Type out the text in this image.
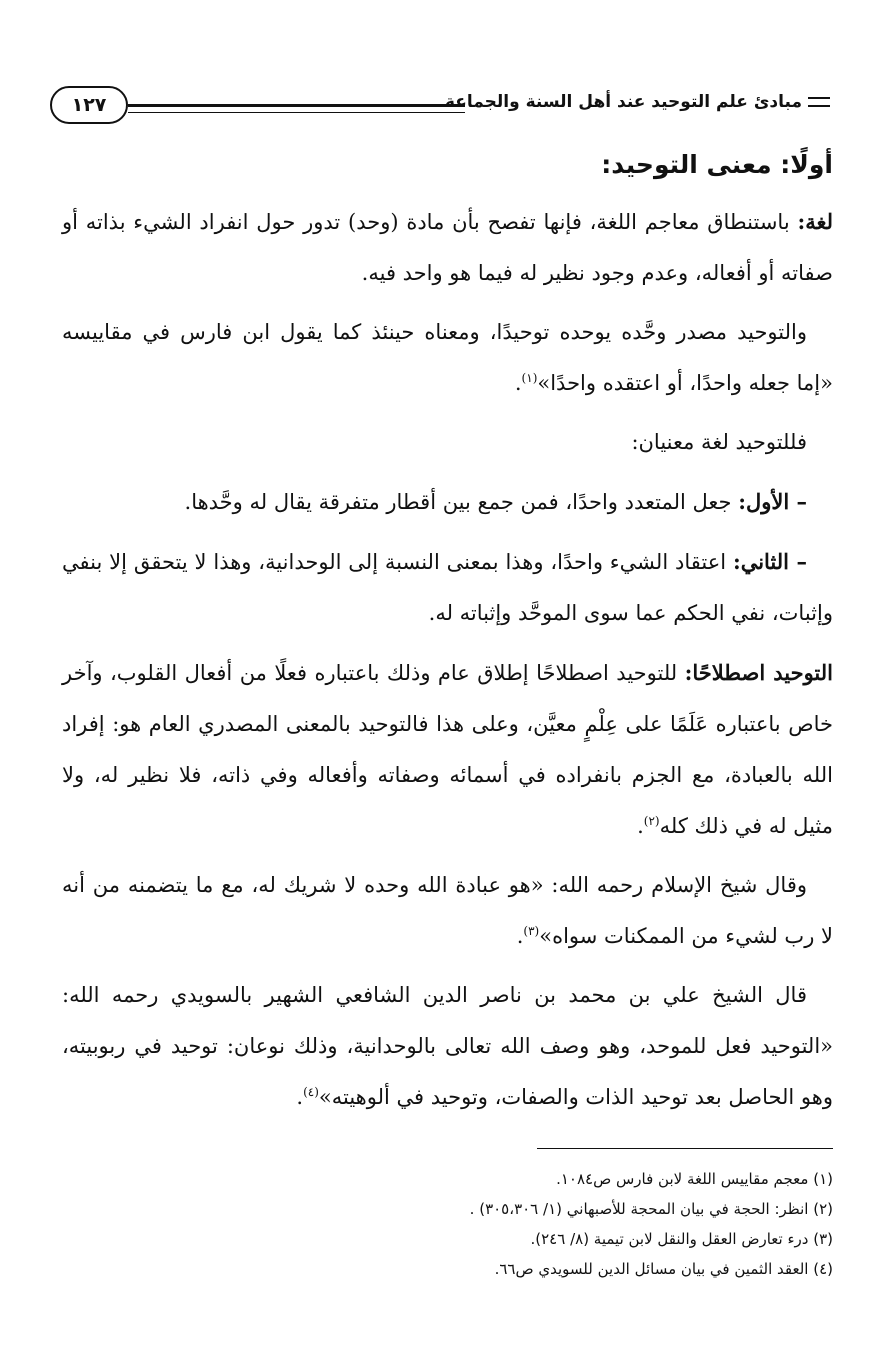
مبادئ علم التوحيد عند أهل السنة والجماعة
١٢٧
أولًا: معنى التوحيد:

لغة: باستنطاق معاجم اللغة، فإنها تفصح بأن مادة (وحد) تدور حول انفراد الشيء بذاته أو صفاته أو أفعاله، وعدم وجود نظير له فيما هو واحد فيه.

والتوحيد مصدر وحَّده يوحده توحيدًا، ومعناه حينئذ كما يقول ابن فارس في مقاييسه «إما جعله واحدًا، أو اعتقده واحدًا»$^{(١)}$.

فللتوحيد لغة معنيان:

– الأول: جعل المتعدد واحدًا، فمن جمع بين أقطار متفرقة يقال له وحَّدها.

– الثاني: اعتقاد الشيء واحدًا، وهذا بمعنى النسبة إلى الوحدانية، وهذا لا يتحقق إلا بنفي وإثبات، نفي الحكم عما سوى الموحَّد وإثباته له.

التوحيد اصطلاحًا: للتوحيد اصطلاحًا إطلاق عام وذلك باعتباره فعلًا من أفعال القلوب، وآخر خاص باعتباره عَلَمًا على عِلْمٍ معيَّن، وعلى هذا فالتوحيد بالمعنى المصدري العام هو: إفراد الله بالعبادة، مع الجزم بانفراده في أسمائه وصفاته وأفعاله وفي ذاته، فلا نظير له، ولا مثيل له في ذلك كله$^{(٢)}$.

وقال شيخ الإسلام رحمه الله: «هو عبادة الله وحده لا شريك له، مع ما يتضمنه من أنه لا رب لشيء من الممكنات سواه»$^{(٣)}$.

قال الشيخ علي بن محمد بن ناصر الدين الشافعي الشهير بالسويدي رحمه الله: «التوحيد فعل للموحد، وهو وصف الله تعالى بالوحدانية، وذلك نوعان: توحيد في ربوبيته، وهو الحاصل بعد توحيد الذات والصفات، وتوحيد في ألوهيته»$^{(٤)}$.

(١) معجم مقاييس اللغة لابن فارس ص١٠٨٤.

(٢) انظر: الحجة في بيان المحجة للأصبهاني (١/ ٣٠٥،٣٠٦) .

(٣) درء تعارض العقل والنقل لابن تيمية (٨/ ٢٤٦).

(٤) العقد الثمين في بيان مسائل الدين للسويدي ص٦٦.
